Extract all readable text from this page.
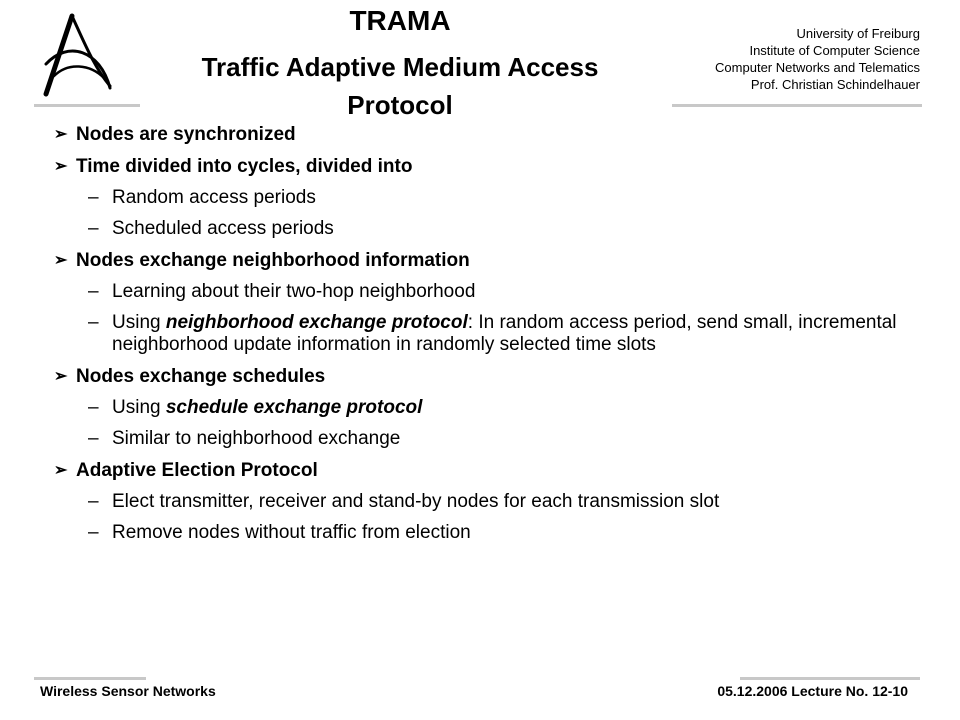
TRAMA
Traffic Adaptive Medium Access Protocol
University of Freiburg
Institute of Computer Science
Computer Networks and Telematics
Prof. Christian Schindelhauer
➢ Nodes are synchronized
➢ Time divided into cycles, divided into
– Random access periods
– Scheduled access periods
➢ Nodes exchange neighborhood information
– Learning about their two-hop neighborhood
– Using neighborhood exchange protocol: In random access period, send small, incremental neighborhood update information in randomly selected time slots
➢ Nodes exchange schedules
– Using schedule exchange protocol
– Similar to neighborhood exchange
➢ Adaptive Election Protocol
– Elect transmitter, receiver and stand-by nodes for each transmission slot
– Remove nodes without traffic from election

Wireless Sensor Networks	05.12.2006 Lecture No. 12-10
